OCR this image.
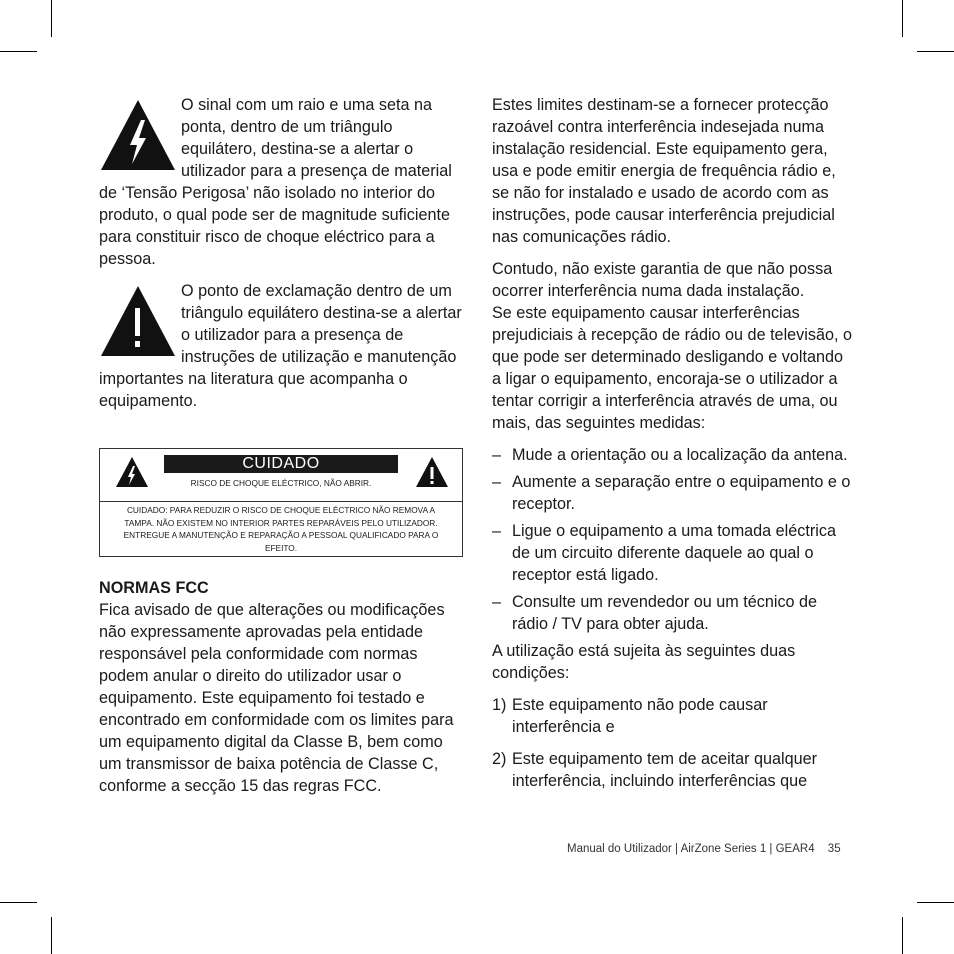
O sinal com um raio e uma seta na ponta, dentro de um triângulo equilátero, destina-se a alertar o utilizador para a presença de material de ‘Tensão Perigosa’ não isolado no interior do produto, o qual pode ser de magnitude suficiente para constituir risco de choque eléctrico para a pessoa.

O ponto de exclamação dentro de um triângulo equilátero destina-se a alertar o utilizador para a presença de instruções de utilização e manutenção importantes na literatura que acompanha o equipamento.

CUIDADO
RISCO DE CHOQUE ELÉCTRICO, NÃO ABRIR.
CUIDADO: PARA REDUZIR O RISCO DE CHOQUE ELÉCTRICO NÃO REMOVA A TAMPA. NÃO EXISTEM NO INTERIOR PARTES REPARÁVEIS PELO UTILIZADOR. ENTREGUE A MANUTENÇÃO E REPARAÇÃO A PESSOAL QUALIFICADO PARA O EFEITO.

NORMAS FCC

Fica avisado de que alterações ou modificações não expressamente aprovadas pela entidade responsável pela conformidade com normas podem anular o direito do utilizador usar o equipamento. Este equipamento foi testado e encontrado em conformidade com os limites para um equipamento digital da Classe B, bem como um transmissor de baixa potência de Classe C, conforme a secção 15 das regras FCC.

Estes limites destinam-se a fornecer protecção razoável contra interferência indesejada numa instalação residencial. Este equipamento gera, usa e pode emitir energia de frequência rádio e, se não for instalado e usado de acordo com as instruções, pode causar interferência prejudicial nas comunicações rádio.

Contudo, não existe garantia de que não possa ocorrer interferência numa dada instalação.

Se este equipamento causar interferências prejudiciais à recepção de rádio ou de televisão, o que pode ser determinado desligando e voltando a ligar o equipamento, encoraja-se o utilizador a tentar corrigir a interferência através de uma, ou mais, das seguintes medidas:

– Mude a orientação ou a localização da antena.
– Aumente a separação entre o equipamento e o receptor.
– Ligue o equipamento a uma tomada eléctrica de um circuito diferente daquele ao qual o receptor está ligado.
– Consulte um revendedor ou um técnico de rádio / TV para obter ajuda.

A utilização está sujeita às seguintes duas condições:

1) Este equipamento não pode causar interferência e
2) Este equipamento tem de aceitar qualquer interferência, incluindo interferências que
Manual do Utilizador | AirZone Series 1 | GEAR4 35
